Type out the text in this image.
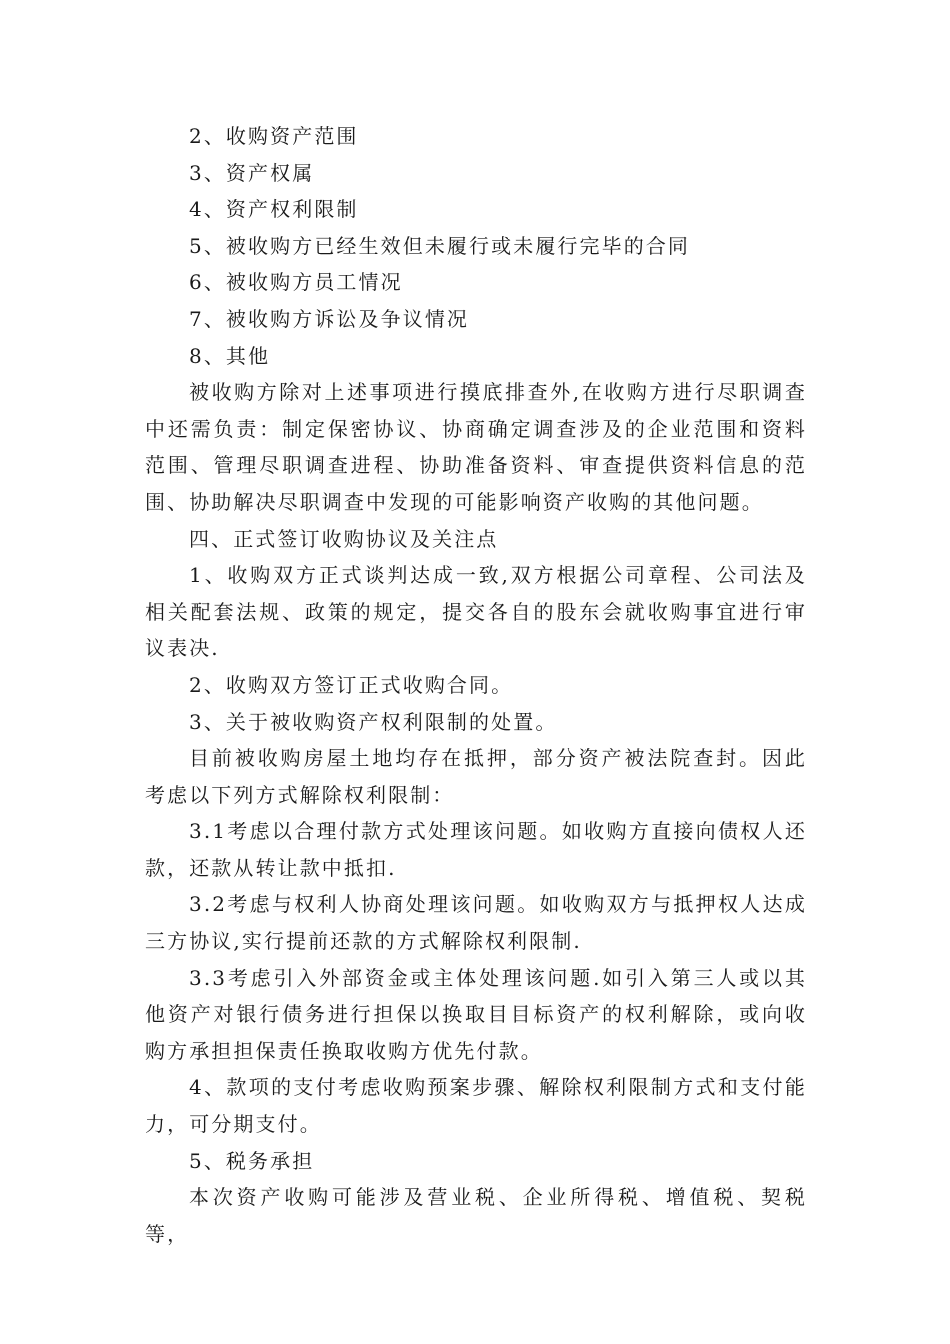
2、收购资产范围

3、资产权属

4、资产权利限制

5、被收购方已经生效但未履行或未履行完毕的合同

6、被收购方员工情况

7、被收购方诉讼及争议情况

8、其他

被收购方除对上述事项进行摸底排查外,在收购方进行尽职调查中还需负责：制定保密协议、协商确定调查涉及的企业范围和资料范围、管理尽职调查进程、协助准备资料、审查提供资料信息的范围、协助解决尽职调查中发现的可能影响资产收购的其他问题。

四、正式签订收购协议及关注点

1、收购双方正式谈判达成一致,双方根据公司章程、公司法及相关配套法规、政策的规定，提交各自的股东会就收购事宜进行审议表决.

2、收购双方签订正式收购合同。

3、关于被收购资产权利限制的处置。

目前被收购房屋土地均存在抵押，部分资产被法院查封。因此考虑以下列方式解除权利限制：

3.1考虑以合理付款方式处理该问题。如收购方直接向债权人还款，还款从转让款中抵扣.

3.2考虑与权利人协商处理该问题。如收购双方与抵押权人达成三方协议,实行提前还款的方式解除权利限制.

3.3考虑引入外部资金或主体处理该问题.如引入第三人或以其他资产对银行债务进行担保以换取目目标资产的权利解除，或向收购方承担担保责任换取收购方优先付款。

4、款项的支付考虑收购预案步骤、解除权利限制方式和支付能力，可分期支付。

5、税务承担

本次资产收购可能涉及营业税、企业所得税、增值税、契税等，
